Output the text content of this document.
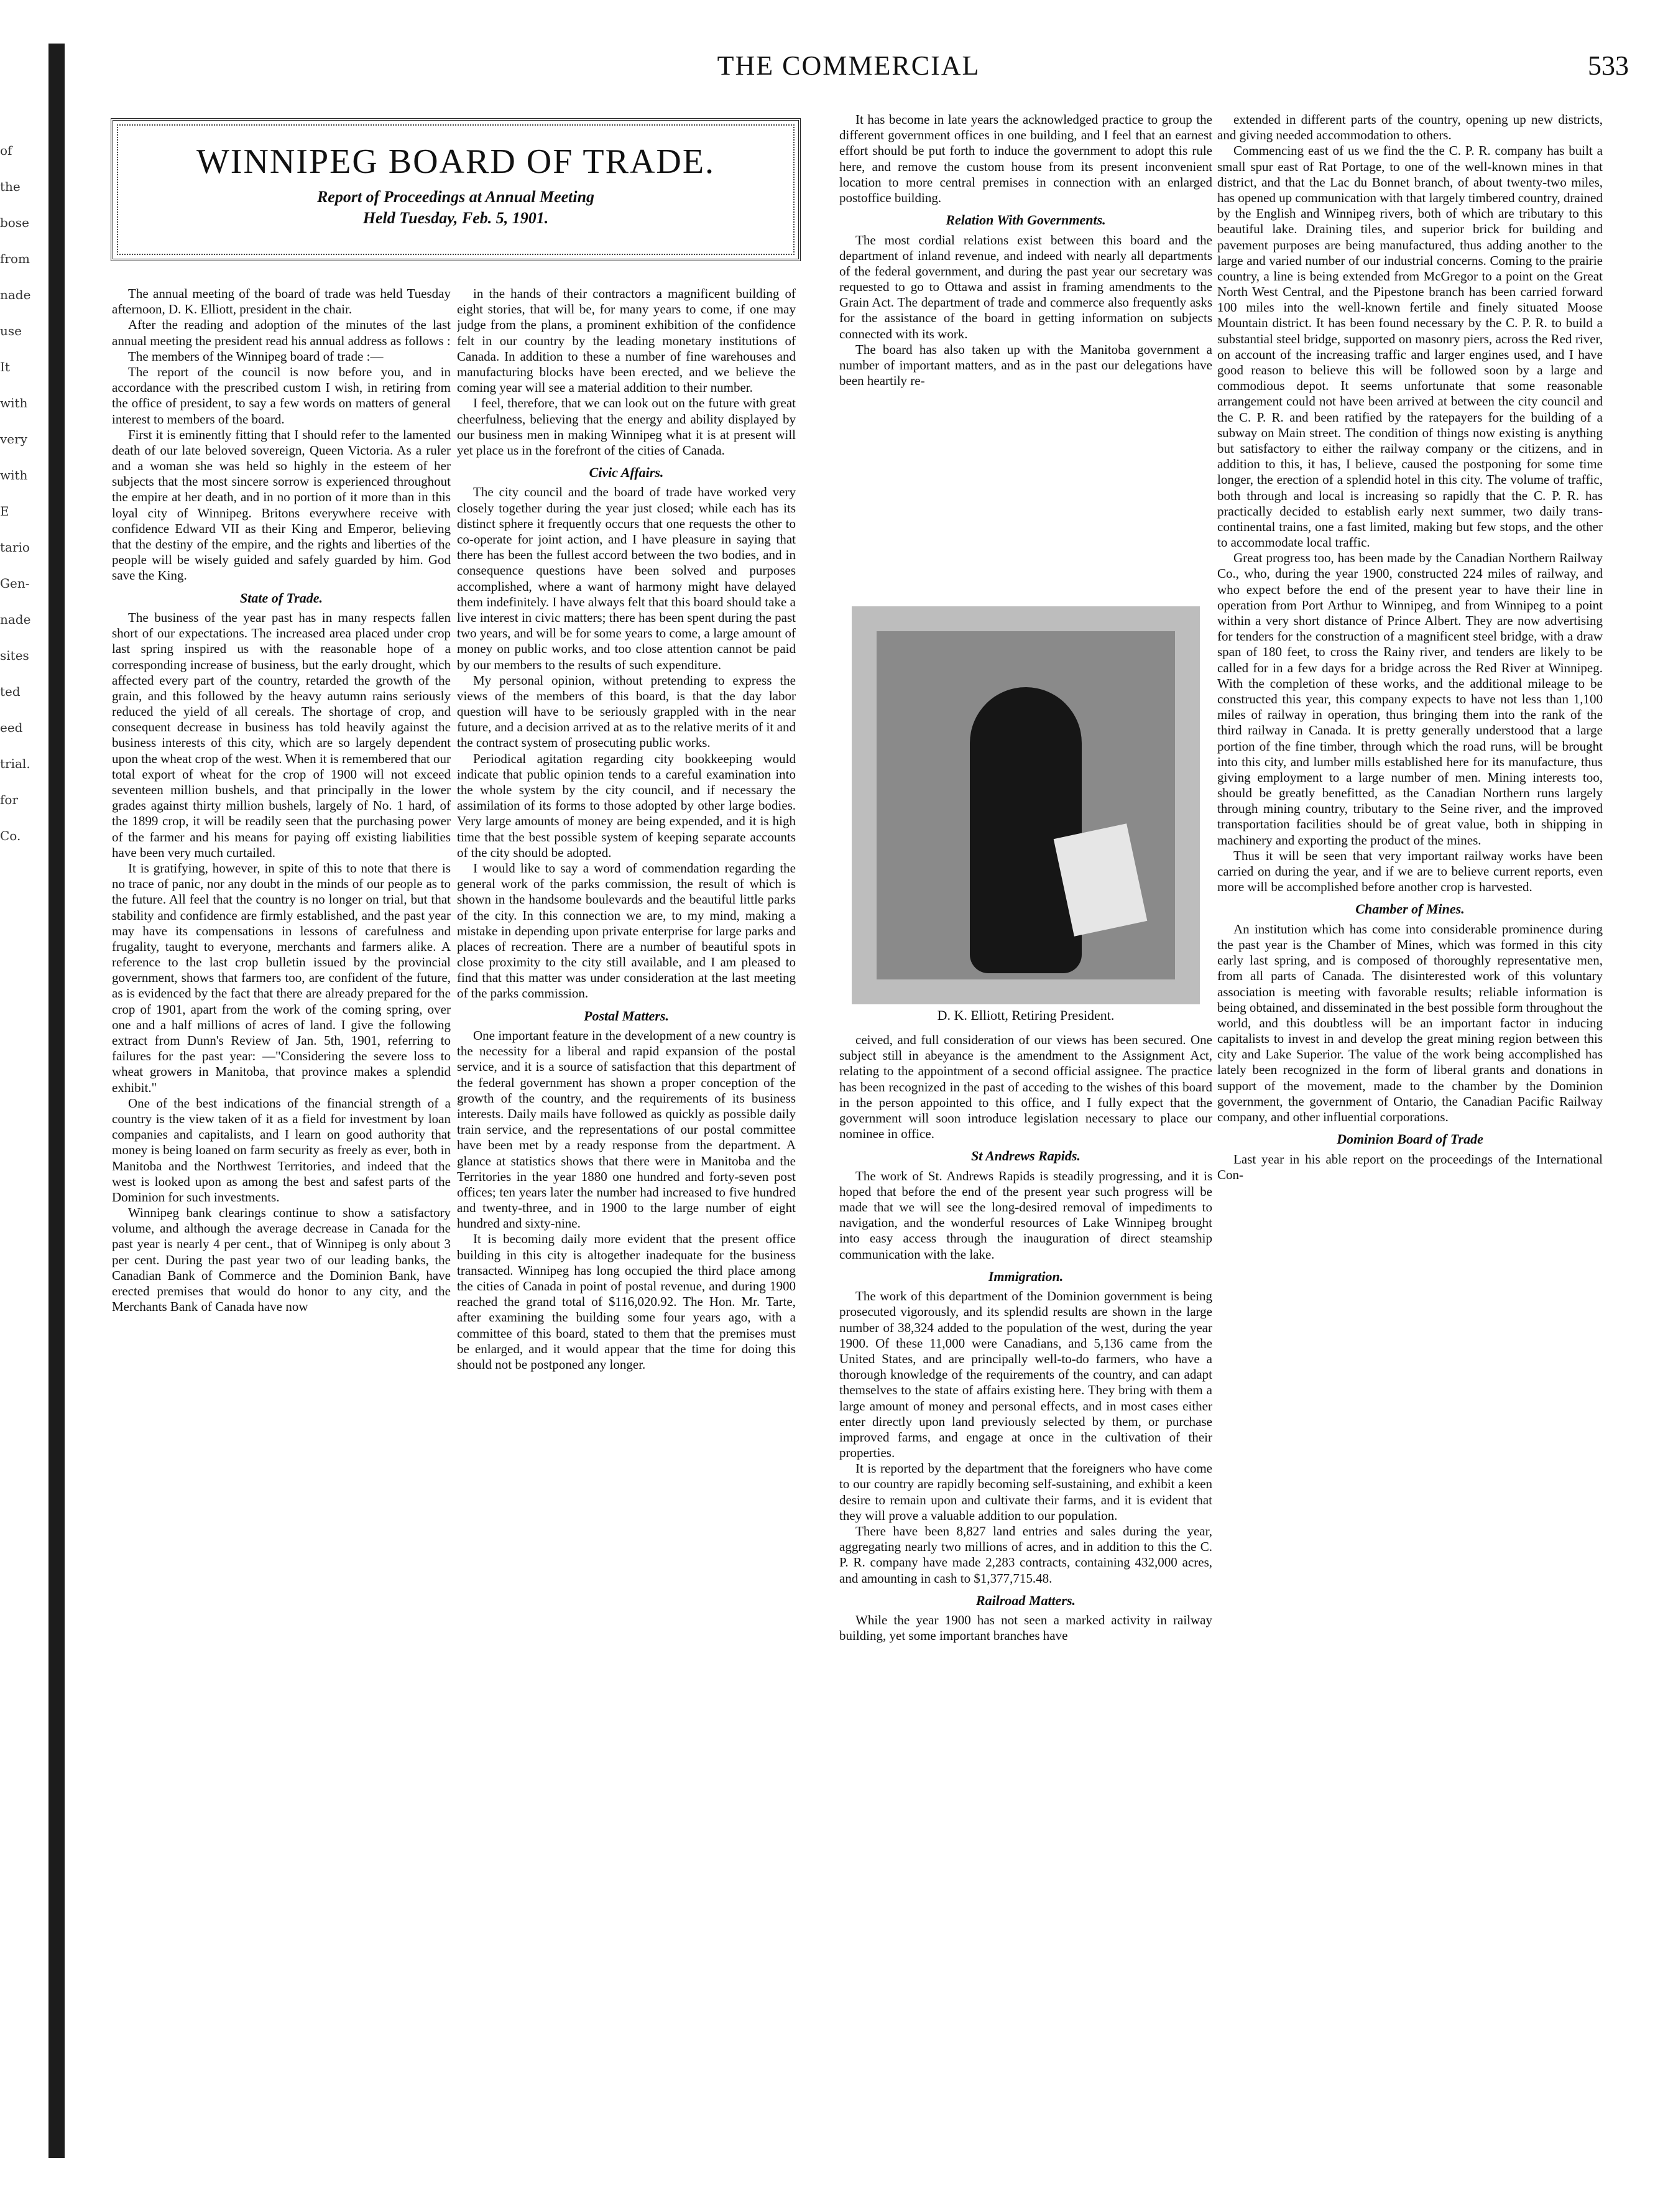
of
the
bose
from
nade
use
It
with
very
with
E
tario
Gen-
nade
sites
ted
eed
trial.
for
Co.
THE COMMERCIAL	533
WINNIPEG BOARD OF TRADE.
Report of Proceedings at Annual Meeting
Held Tuesday, Feb. 5, 1901.

The annual meeting of the board of trade was held Tuesday afternoon, D. K. Elliott, president in the chair.

After the reading and adoption of the minutes of the last annual meeting the president read his annual address as follows :

The members of the Winnipeg board of trade :—

The report of the council is now before you, and in accordance with the prescribed custom I wish, in retiring from the office of president, to say a few words on matters of general interest to members of the board.

First it is eminently fitting that I should refer to the lamented death of our late beloved sovereign, Queen Victoria. As a ruler and a woman she was held so highly in the esteem of her subjects that the most sincere sorrow is experienced throughout the empire at her death, and in no portion of it more than in this loyal city of Winnipeg. Britons everywhere receive with confidence Edward VII as their King and Emperor, believing that the destiny of the empire, and the rights and liberties of the people will be wisely guided and safely guarded by him. God save the King.

State of Trade.

The business of the year past has in many respects fallen short of our expectations. The increased area placed under crop last spring inspired us with the reasonable hope of a corresponding increase of business, but the early drought, which affected every part of the country, retarded the growth of the grain, and this followed by the heavy autumn rains seriously reduced the yield of all cereals. The shortage of crop, and consequent decrease in business has told heavily against the business interests of this city, which are so largely dependent upon the wheat crop of the west. When it is remembered that our total export of wheat for the crop of 1900 will not exceed seventeen million bushels, and that principally in the lower grades against thirty million bushels, largely of No. 1 hard, of the 1899 crop, it will be readily seen that the purchasing power of the farmer and his means for paying off existing liabilities have been very much curtailed.

It is gratifying, however, in spite of this to note that there is no trace of panic, nor any doubt in the minds of our people as to the future. All feel that the country is no longer on trial, but that stability and confidence are firmly established, and the past year may have its compensations in lessons of carefulness and frugality, taught to everyone, merchants and farmers alike. A reference to the last crop bulletin issued by the provincial government, shows that farmers too, are confident of the future, as is evidenced by the fact that there are already prepared for the crop of 1901, apart from the work of the coming spring, over one and a half millions of acres of land. I give the following extract from Dunn's Review of Jan. 5th, 1901, referring to failures for the past year: —"Considering the severe loss to wheat growers in Manitoba, that province makes a splendid exhibit."

One of the best indications of the financial strength of a country is the view taken of it as a field for investment by loan companies and capitalists, and I learn on good authority that money is being loaned on farm security as freely as ever, both in Manitoba and the Northwest Territories, and indeed that the west is looked upon as among the best and safest parts of the Dominion for such investments.

Winnipeg bank clearings continue to show a satisfactory volume, and although the average decrease in Canada for the past year is nearly 4 per cent., that of Winnipeg is only about 3 per cent. During the past year two of our leading banks, the Canadian Bank of Commerce and the Dominion Bank, have erected premises that would do honor to any city, and the Merchants Bank of Canada have now

in the hands of their contractors a magnificent building of eight stories, that will be, for many years to come, if one may judge from the plans, a prominent exhibition of the confidence felt in our country by the leading monetary institutions of Canada. In addition to these a number of fine warehouses and manufacturing blocks have been erected, and we believe the coming year will see a material addition to their number.

I feel, therefore, that we can look out on the future with great cheerfulness, believing that the energy and ability displayed by our business men in making Winnipeg what it is at present will yet place us in the forefront of the cities of Canada.

Civic Affairs.

The city council and the board of trade have worked very closely together during the year just closed; while each has its distinct sphere it frequently occurs that one requests the other to co-operate for joint action, and I have pleasure in saying that there has been the fullest accord between the two bodies, and in consequence questions have been solved and purposes accomplished, where a want of harmony might have delayed them indefinitely. I have always felt that this board should take a live interest in civic matters; there has been spent during the past two years, and will be for some years to come, a large amount of money on public works, and too close attention cannot be paid by our members to the results of such expenditure.

My personal opinion, without pretending to express the views of the members of this board, is that the day labor question will have to be seriously grappled with in the near future, and a decision arrived at as to the relative merits of it and the contract system of prosecuting public works.

Periodical agitation regarding city bookkeeping would indicate that public opinion tends to a careful examination into the whole system by the city council, and if necessary the assimilation of its forms to those adopted by other large bodies. Very large amounts of money are being expended, and it is high time that the best possible system of keeping separate accounts of the city should be adopted.

I would like to say a word of commendation regarding the general work of the parks commission, the result of which is shown in the handsome boulevards and the beautiful little parks of the city. In this connection we are, to my mind, making a mistake in depending upon private enterprise for large parks and places of recreation. There are a number of beautiful spots in close proximity to the city still available, and I am pleased to find that this matter was under consideration at the last meeting of the parks commission.

Postal Matters.

One important feature in the development of a new country is the necessity for a liberal and rapid expansion of the postal service, and it is a source of satisfaction that this department of the federal government has shown a proper conception of the growth of the country, and the requirements of its business interests. Daily mails have followed as quickly as possible daily train service, and the representations of our postal committee have been met by a ready response from the department. A glance at statistics shows that there were in Manitoba and the Territories in the year 1880 one hundred and forty-seven post offices; ten years later the number had increased to five hundred and twenty-three, and in 1900 to the large number of eight hundred and sixty-nine.

It is becoming daily more evident that the present office building in this city is altogether inadequate for the business transacted. Winnipeg has long occupied the third place among the cities of Canada in point of postal revenue, and during 1900 reached the grand total of $116,020.92. The Hon. Mr. Tarte, after examining the building some four years ago, with a committee of this board, stated to them that the premises must be enlarged, and it would appear that the time for doing this should not be postponed any longer.

It has become in late years the acknowledged practice to group the different government offices in one building, and I feel that an earnest effort should be put forth to induce the government to adopt this rule here, and remove the custom house from its present inconvenient location to more central premises in connection with an enlarged postoffice building.

Relation With Governments.

The most cordial relations exist between this board and the department of inland revenue, and indeed with nearly all departments of the federal government, and during the past year our secretary was requested to go to Ottawa and assist in framing amendments to the Grain Act. The department of trade and commerce also frequently asks for the assistance of the board in getting information on subjects connected with its work.

The board has also taken up with the Manitoba government a number of important matters, and as in the past our delegations have been heartily re-

D. K. Elliott, Retiring President.

ceived, and full consideration of our views has been secured. One subject still in abeyance is the amendment to the Assignment Act, relating to the appointment of a second official assignee. The practice has been recognized in the past of acceding to the wishes of this board in the person appointed to this office, and I fully expect that the government will soon introduce legislation necessary to place our nominee in office.

St Andrews Rapids.

The work of St. Andrews Rapids is steadily progressing, and it is hoped that before the end of the present year such progress will be made that we will see the long-desired removal of impediments to navigation, and the wonderful resources of Lake Winnipeg brought into easy access through the inauguration of direct steamship communication with the lake.

Immigration.

The work of this department of the Dominion government is being prosecuted vigorously, and its splendid results are shown in the large number of 38,324 added to the population of the west, during the year 1900. Of these 11,000 were Canadians, and 5,136 came from the United States, and are principally well-to-do farmers, who have a thorough knowledge of the requirements of the country, and can adapt themselves to the state of affairs existing here. They bring with them a large amount of money and personal effects, and in most cases either enter directly upon land previously selected by them, or purchase improved farms, and engage at once in the cultivation of their properties.

It is reported by the department that the foreigners who have come to our country are rapidly becoming self-sustaining, and exhibit a keen desire to remain upon and cultivate their farms, and it is evident that they will prove a valuable addition to our population.

There have been 8,827 land entries and sales during the year, aggregating nearly two millions of acres, and in addition to this the C. P. R. company have made 2,283 contracts, containing 432,000 acres, and amounting in cash to $1,377,715.48.

Railroad Matters.

While the year 1900 has not seen a marked activity in railway building, yet some important branches have

extended in different parts of the country, opening up new districts, and giving needed accommodation to others.

Commencing east of us we find the the C. P. R. company has built a small spur east of Rat Portage, to one of the well-known mines in that district, and that the Lac du Bonnet branch, of about twenty-two miles, has opened up communication with that largely timbered country, drained by the English and Winnipeg rivers, both of which are tributary to this beautiful lake. Draining tiles, and superior brick for building and pavement purposes are being manufactured, thus adding another to the large and varied number of our industrial concerns. Coming to the prairie country, a line is being extended from McGregor to a point on the Great North West Central, and the Pipestone branch has been carried forward 100 miles into the well-known fertile and finely situated Moose Mountain district. It has been found necessary by the C. P. R. to build a substantial steel bridge, supported on masonry piers, across the Red river, on account of the increasing traffic and larger engines used, and I have good reason to believe this will be followed soon by a large and commodious depot. It seems unfortunate that some reasonable arrangement could not have been arrived at between the city council and the C. P. R. and been ratified by the ratepayers for the building of a subway on Main street. The condition of things now existing is anything but satisfactory to either the railway company or the citizens, and in addition to this, it has, I believe, caused the postponing for some time longer, the erection of a splendid hotel in this city. The volume of traffic, both through and local is increasing so rapidly that the C. P. R. has practically decided to establish early next summer, two daily trans-continental trains, one a fast limited, making but few stops, and the other to accommodate local traffic.

Great progress too, has been made by the Canadian Northern Railway Co., who, during the year 1900, constructed 224 miles of railway, and who expect before the end of the present year to have their line in operation from Port Arthur to Winnipeg, and from Winnipeg to a point within a very short distance of Prince Albert. They are now advertising for tenders for the construction of a magnificent steel bridge, with a draw span of 180 feet, to cross the Rainy river, and tenders are likely to be called for in a few days for a bridge across the Red River at Winnipeg. With the completion of these works, and the additional mileage to be constructed this year, this company expects to have not less than 1,100 miles of railway in operation, thus bringing them into the rank of the third railway in Canada. It is pretty generally understood that a large portion of the fine timber, through which the road runs, will be brought into this city, and lumber mills established here for its manufacture, thus giving employment to a large number of men. Mining interests too, should be greatly benefitted, as the Canadian Northern runs largely through mining country, tributary to the Seine river, and the improved transportation facilities should be of great value, both in shipping in machinery and exporting the product of the mines.

Thus it will be seen that very important railway works have been carried on during the year, and if we are to believe current reports, even more will be accomplished before another crop is harvested.

Chamber of Mines.

An institution which has come into considerable prominence during the past year is the Chamber of Mines, which was formed in this city early last spring, and is composed of thoroughly representative men, from all parts of Canada. The disinterested work of this voluntary association is meeting with favorable results; reliable information is being obtained, and disseminated in the best possible form throughout the world, and this doubtless will be an important factor in inducing capitalists to invest in and develop the great mining region between this city and Lake Superior. The value of the work being accomplished has lately been recognized in the form of liberal grants and donations in support of the movement, made to the chamber by the Dominion government, the government of Ontario, the Canadian Pacific Railway company, and other influential corporations.

Dominion Board of Trade

Last year in his able report on the proceedings of the International Con-
